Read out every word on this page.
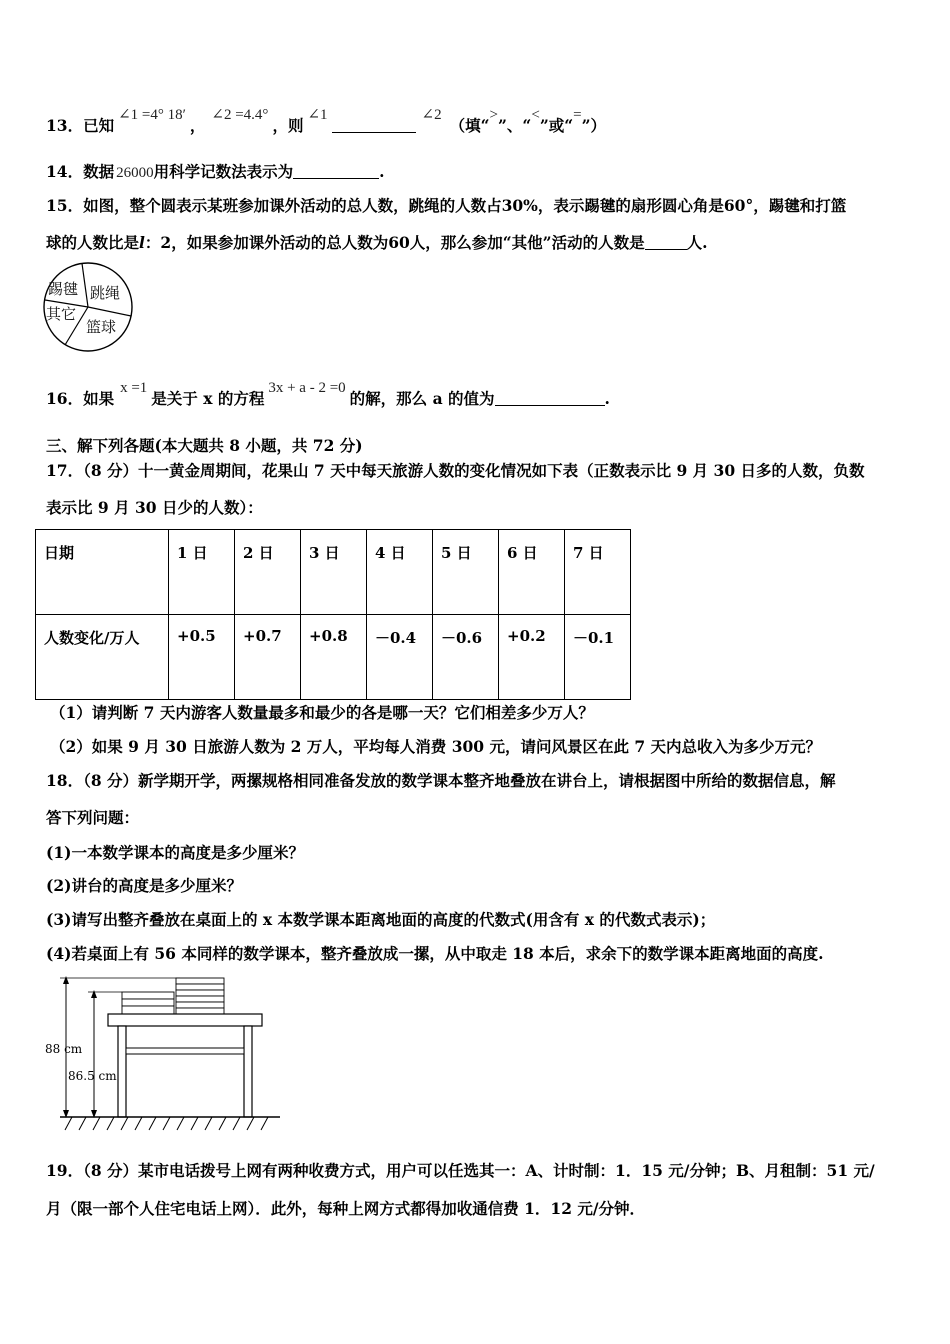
13．已知∠1 =4° 18′，∠2 =4.4°，则∠1	∠2（填“>”、“<”或“=”）
14．数据 26000用科学记数法表示为	.
15．如图，整个圆表示某班参加课外活动的总人数，跳绳的人数占30%，表示踢毽的扇形圆心角是60°，踢毽和打篮
球的人数比是l：2，如果参加课外活动的总人数为60人，那么参加“其他”活动的人数是	人.
踢毽 跳绳
其它
篮球
16．如果x =1是关于 x 的方程3x + a - 2 =0的解，那么 a 的值为	.
三、解下列各题(本大题共 8 小题，共 72 分)
17．（8 分）十一黄金周期间，花果山 7 天中每天旅游人数的变化情况如下表（正数表示比 9 月 30 日多的人数，负数
表示比 9 月 30 日少的人数）：
日期	1 日	2 日	3 日	4 日	5 日	6 日	7 日
人数变化/万人	+0.5	+0.7	+0.8	－0.4	－0.6	+0.2	－0.1
（1）请判断 7 天内游客人数量最多和最少的各是哪一天？它们相差多少万人？
（2）如果 9 月 30 日旅游人数为 2 万人，平均每人消费 300 元，请问风景区在此 7 天内总收入为多少万元？
18．（8 分）新学期开学，两摞规格相同准备发放的数学课本整齐地叠放在讲台上，请根据图中所给的数据信息，解
答下列问题：
(1)一本数学课本的高度是多少厘米？
(2)讲台的高度是多少厘米？
(3)请写出整齐叠放在桌面上的 x 本数学课本距离地面的高度的代数式(用含有 x 的代数式表示)；
(4)若桌面上有 56 本同样的数学课本，整齐叠放成一摞，从中取走 18 本后，求余下的数学课本距离地面的高度.
88 cm
86.5 cm
19．（8 分）某市电话拨号上网有两种收费方式，用户可以任选其一：A、计时制：1．15 元/分钟；B、月租制：51 元/
月（限一部个人住宅电话上网）．此外，每种上网方式都得加收通信费 1．12 元/分钟．
